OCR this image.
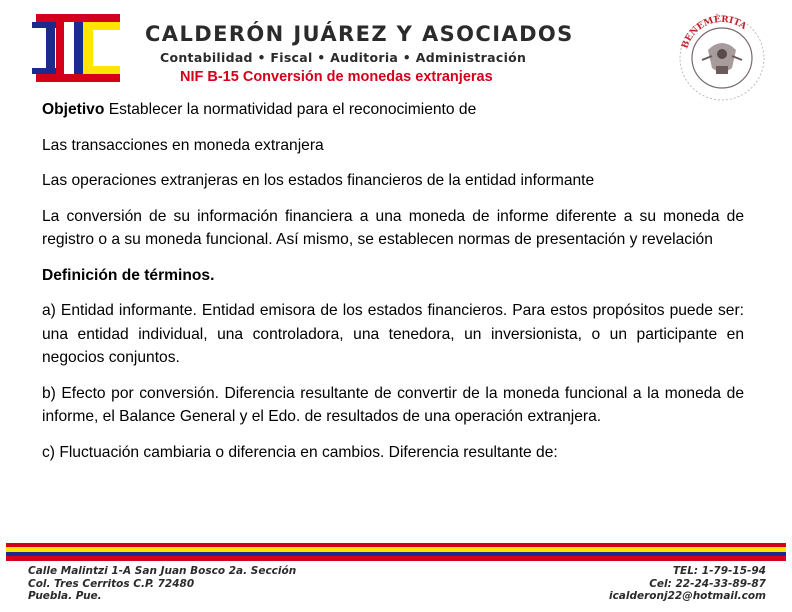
CALDERÓN JUÁREZ Y ASOCIADOS
Contabilidad • Fiscal • Auditoria • Administración
BENEMÉRITA
NIF B-15 Conversión de monedas extranjeras

Objetivo Establecer la normatividad para el reconocimiento de

Las transacciones en moneda extranjera

Las operaciones extranjeras en los estados financieros de la entidad informante

La conversión de su información financiera a una moneda de informe diferente a su moneda de registro o a su moneda funcional. Así mismo, se establecen normas de presentación y revelación

Definición de términos.

a) Entidad informante. Entidad emisora de los estados financieros. Para estos propósitos puede ser: una entidad individual, una controladora, una tenedora, un inversionista, o un participante en negocios conjuntos.

b) Efecto por conversión. Diferencia resultante de convertir de la moneda funcional a la moneda de informe, el Balance General y el Edo. de resultados de una operación extranjera.

c) Fluctuación cambiaria o diferencia en cambios. Diferencia resultante de:

Calle Malintzi 1-A San Juan Bosco 2a. Sección
Col. Tres Cerritos C.P. 72480
Puebla. Pue.
TEL: 1-79-15-94
Cel: 22-24-33-89-87
icalderonj22@hotmail.com
